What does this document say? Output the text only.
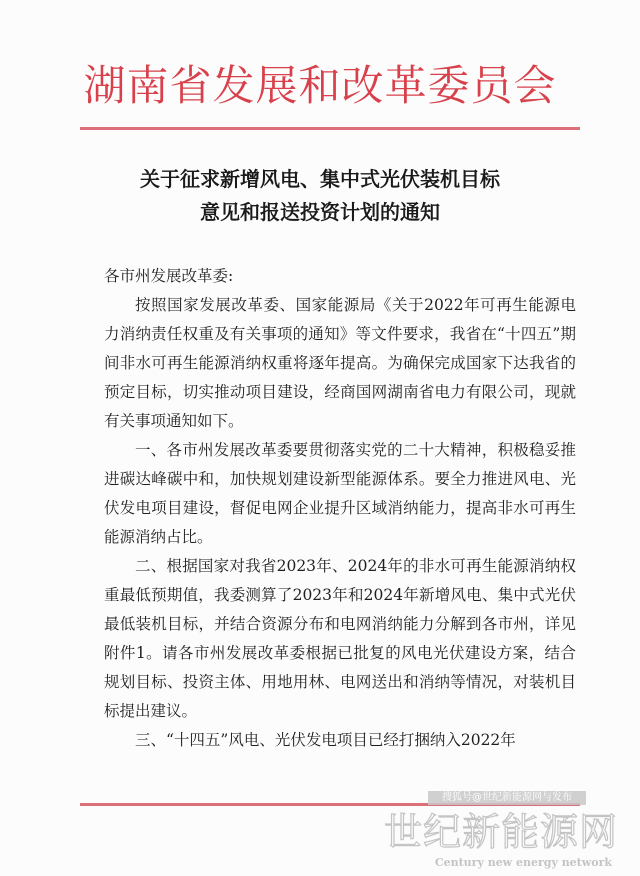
湖南省发展和改革委员会
关于征求新增风电、集中式光伏装机目标
意见和报送投资计划的通知
各市州发展改革委:

按照国家发展改革委、国家能源局《关于2022年可再生能源电力消纳责任权重及有关事项的通知》等文件要求，我省在“十四五”期间非水可再生能源消纳权重将逐年提高。为确保完成国家下达我省的预定目标，切实推动项目建设，经商国网湖南省电力有限公司，现就有关事项通知如下。

一、各市州发展改革委要贯彻落实党的二十大精神，积极稳妥推进碳达峰碳中和，加快规划建设新型能源体系。要全力推进风电、光伏发电项目建设，督促电网企业提升区域消纳能力，提高非水可再生能源消纳占比。

二、根据国家对我省2023年、2024年的非水可再生能源消纳权重最低预期值，我委测算了2023年和2024年新增风电、集中式光伏最低装机目标，并结合资源分布和电网消纳能力分解到各市州，详见附件1。请各市州发展改革委根据已批复的风电光伏建设方案，结合规划目标、投资主体、用地用林、电网送出和消纳等情况，对装机目标提出建议。

三、“十四五”风电、光伏发电项目已经打捆纳入2022年

搜狐号@世纪新能源网与发布
世纪新能源网
Century new energy network
